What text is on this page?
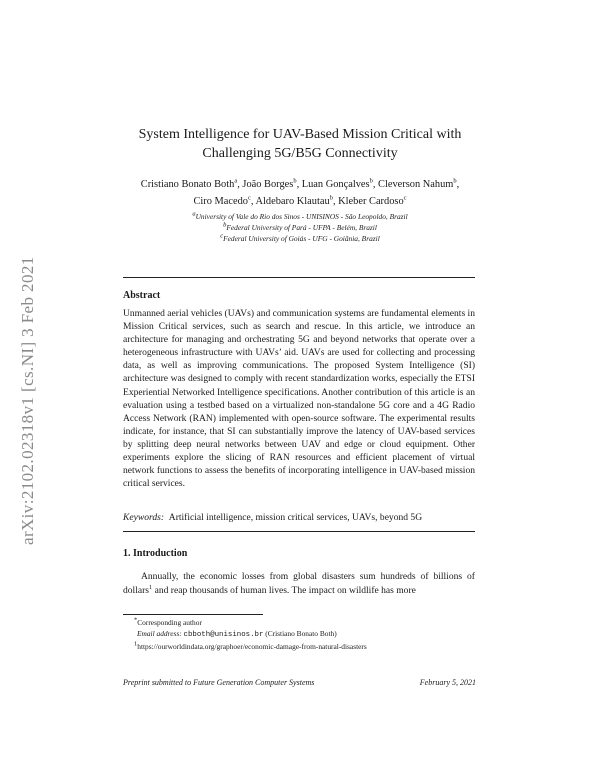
arXiv:2102.02318v1 [cs.NI] 3 Feb 2021
System Intelligence for UAV-Based Mission Critical with
Challenging 5G/B5G Connectivity
Cristiano Bonato Both$^a$, João Borges$^b$, Luan Gonçalves$^b$, Cleverson Nahum$^b$,
Ciro Macedo$^c$, Aldebaro Klautau$^b$, Kleber Cardoso$^c$
$^a$University of Vale do Rio dos Sinos - UNISINOS - São Leopoldo, Brazil
$^b$Federal University of Pará - UFPA - Belém, Brazil
$^c$Federal University of Goiás - UFG - Goiânia, Brazil
Abstract
Unmanned aerial vehicles (UAVs) and communication systems are fundamental elements in Mission Critical services, such as search and rescue. In this article, we introduce an architecture for managing and orchestrating 5G and beyond networks that operate over a heterogeneous infrastructure with UAVs’ aid. UAVs are used for collecting and processing data, as well as improving communications. The proposed System Intelligence (SI) architecture was designed to comply with recent standardization works, especially the ETSI Experiential Networked Intelligence specifications. Another contribution of this article is an evaluation using a testbed based on a virtualized non-standalone 5G core and a 4G Radio Access Network (RAN) implemented with open-source software. The experimental results indicate, for instance, that SI can substantially improve the latency of UAV-based services by splitting deep neural networks between UAV and edge or cloud equipment. Other experiments explore the slicing of RAN resources and efficient placement of virtual network functions to assess the benefits of incorporating intelligence in UAV-based mission critical services.
Keywords: Artificial intelligence, mission critical services, UAVs, beyond 5G
1. Introduction
Annually, the economic losses from global disasters sum hundreds of billions of dollars$^1$ and reap thousands of human lives. The impact on wildlife has more
*Corresponding author
Email address: cbboth@unisinos.br (Cristiano Bonato Both)
$^1$https://ourworldindata.org/graphoer/economic-damage-from-natural-disasters
Preprint submitted to Future Generation Computer Systems	February 5, 2021
